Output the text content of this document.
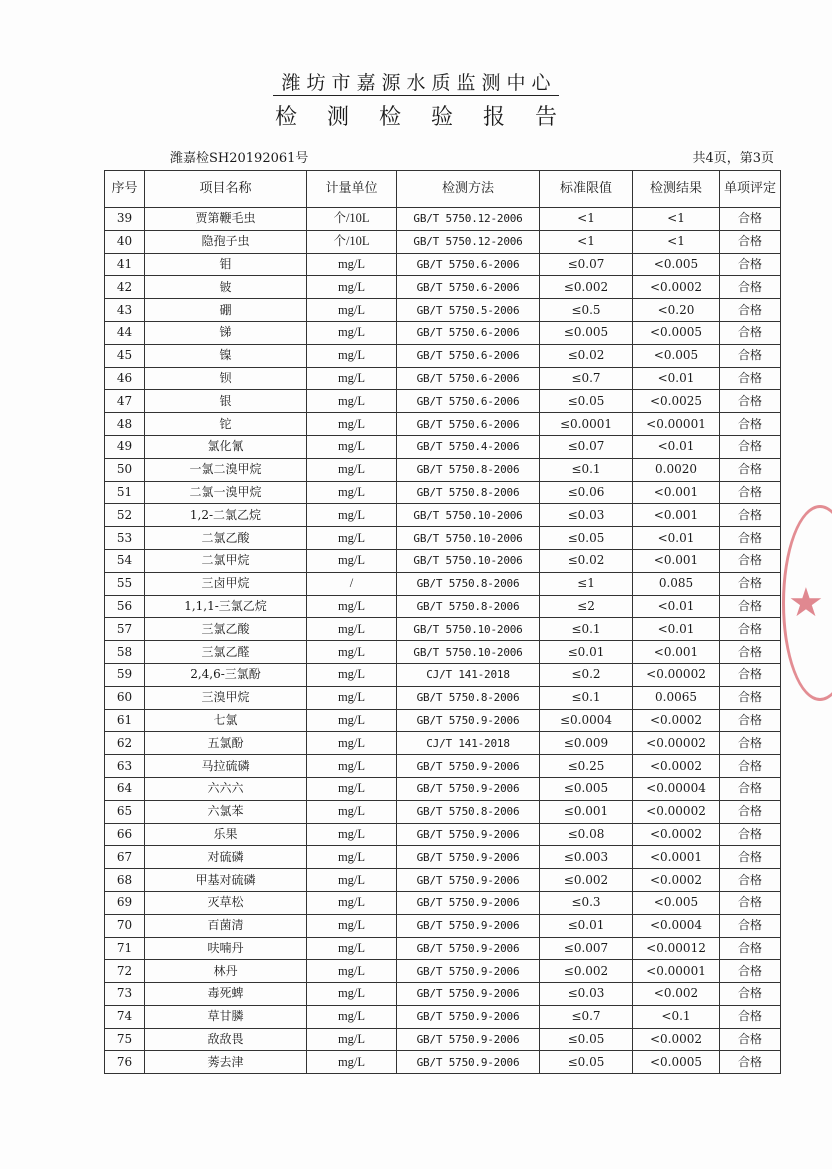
潍坊市嘉源水质监测中心
检测检验报告
潍嘉检SH20192061号	共4页，第3页
序号	项目名称	计量单位	检测方法	标准限值	检测结果	单项评定
39	贾第鞭毛虫	个/10L	GB/T 5750.12-2006	<1	<1	合格
40	隐孢子虫	个/10L	GB/T 5750.12-2006	<1	<1	合格
41	钼	mg/L	GB/T 5750.6-2006	≤0.07	<0.005	合格
42	铍	mg/L	GB/T 5750.6-2006	≤0.002	<0.0002	合格
43	硼	mg/L	GB/T 5750.5-2006	≤0.5	<0.20	合格
44	锑	mg/L	GB/T 5750.6-2006	≤0.005	<0.0005	合格
45	镍	mg/L	GB/T 5750.6-2006	≤0.02	<0.005	合格
46	钡	mg/L	GB/T 5750.6-2006	≤0.7	<0.01	合格
47	银	mg/L	GB/T 5750.6-2006	≤0.05	<0.0025	合格
48	铊	mg/L	GB/T 5750.6-2006	≤0.0001	<0.00001	合格
49	氯化氰	mg/L	GB/T 5750.4-2006	≤0.07	<0.01	合格
50	一氯二溴甲烷	mg/L	GB/T 5750.8-2006	≤0.1	0.0020	合格
51	二氯一溴甲烷	mg/L	GB/T 5750.8-2006	≤0.06	<0.001	合格
52	1,2-二氯乙烷	mg/L	GB/T 5750.10-2006	≤0.03	<0.001	合格
53	二氯乙酸	mg/L	GB/T 5750.10-2006	≤0.05	<0.01	合格
54	二氯甲烷	mg/L	GB/T 5750.10-2006	≤0.02	<0.001	合格
55	三卤甲烷	/	GB/T 5750.8-2006	≤1	0.085	合格
56	1,1,1-三氯乙烷	mg/L	GB/T 5750.8-2006	≤2	<0.01	合格
57	三氯乙酸	mg/L	GB/T 5750.10-2006	≤0.1	<0.01	合格
58	三氯乙醛	mg/L	GB/T 5750.10-2006	≤0.01	<0.001	合格
59	2,4,6-三氯酚	mg/L	CJ/T 141-2018	≤0.2	<0.00002	合格
60	三溴甲烷	mg/L	GB/T 5750.8-2006	≤0.1	0.0065	合格
61	七氯	mg/L	GB/T 5750.9-2006	≤0.0004	<0.0002	合格
62	五氯酚	mg/L	CJ/T 141-2018	≤0.009	<0.00002	合格
63	马拉硫磷	mg/L	GB/T 5750.9-2006	≤0.25	<0.0002	合格
64	六六六	mg/L	GB/T 5750.9-2006	≤0.005	<0.00004	合格
65	六氯苯	mg/L	GB/T 5750.8-2006	≤0.001	<0.00002	合格
66	乐果	mg/L	GB/T 5750.9-2006	≤0.08	<0.0002	合格
67	对硫磷	mg/L	GB/T 5750.9-2006	≤0.003	<0.0001	合格
68	甲基对硫磷	mg/L	GB/T 5750.9-2006	≤0.002	<0.0002	合格
69	灭草松	mg/L	GB/T 5750.9-2006	≤0.3	<0.005	合格
70	百菌清	mg/L	GB/T 5750.9-2006	≤0.01	<0.0004	合格
71	呋喃丹	mg/L	GB/T 5750.9-2006	≤0.007	<0.00012	合格
72	林丹	mg/L	GB/T 5750.9-2006	≤0.002	<0.00001	合格
73	毒死蜱	mg/L	GB/T 5750.9-2006	≤0.03	<0.002	合格
74	草甘膦	mg/L	GB/T 5750.9-2006	≤0.7	<0.1	合格
75	敌敌畏	mg/L	GB/T 5750.9-2006	≤0.05	<0.0002	合格
76	莠去津	mg/L	GB/T 5750.9-2006	≤0.05	<0.0005	合格
★
